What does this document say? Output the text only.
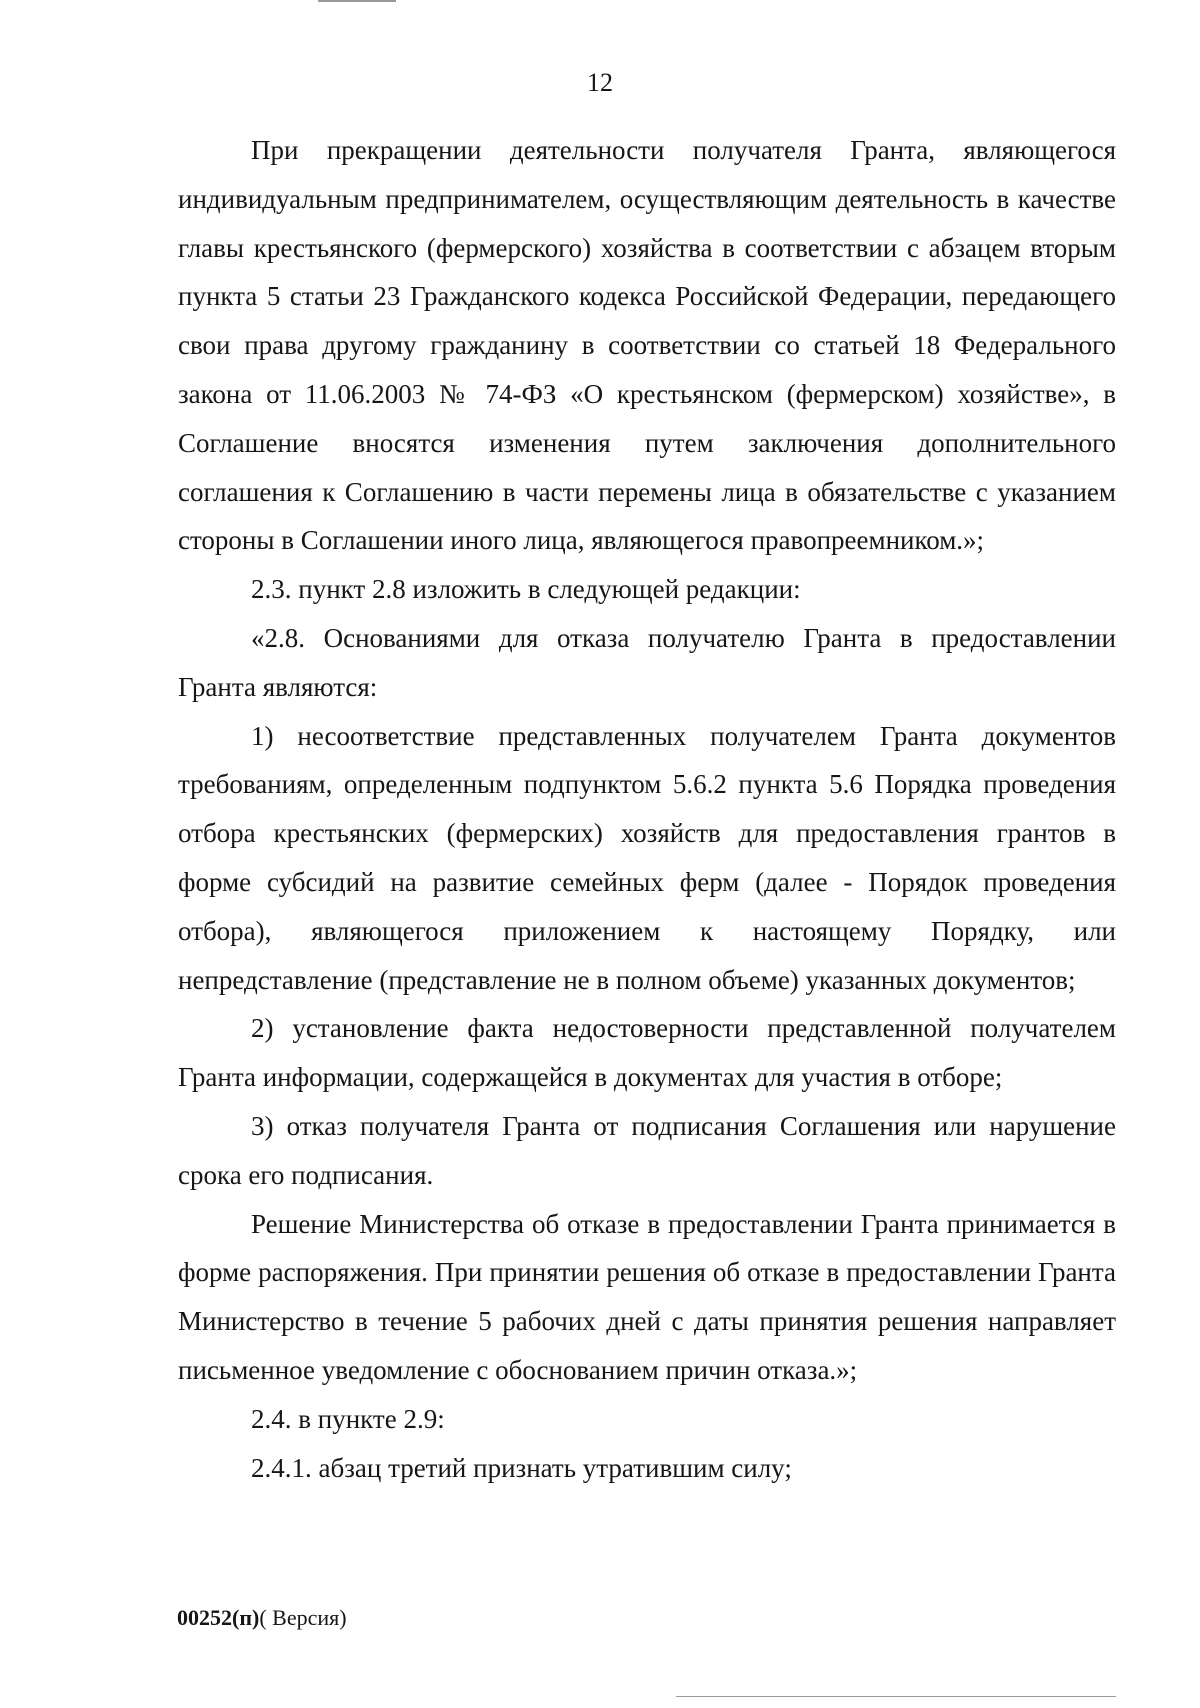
12

При прекращении деятельности получателя Гранта, являющегося индивидуальным предпринимателем, осуществляющим деятельность в качестве главы крестьянского (фермерского) хозяйства в соответствии с абзацем вторым пункта 5 статьи 23 Гражданского кодекса Российской Федерации, передающего свои права другому гражданину в соответствии со статьей 18 Федерального закона от 11.06.2003 № 74-ФЗ «О крестьянском (фермерском) хозяйстве», в Соглашение вносятся изменения путем заключения дополнительного соглашения к Соглашению в части перемены лица в обязательстве с указанием стороны в Соглашении иного лица, являющегося правопреемником.»;

2.3. пункт 2.8 изложить в следующей редакции:

«2.8. Основаниями для отказа получателю Гранта в предоставлении Гранта являются:

1) несоответствие представленных получателем Гранта документов требованиям, определенным подпунктом 5.6.2 пункта 5.6 Порядка проведения отбора крестьянских (фермерских) хозяйств для предоставления грантов в форме субсидий на развитие семейных ферм (далее - Порядок проведения отбора), являющегося приложением к настоящему Порядку, или непредставление (представление не в полном объеме) указанных документов;

2) установление факта недостоверности представленной получателем Гранта информации, содержащейся в документах для участия в отборе;

3) отказ получателя Гранта от подписания Соглашения или нарушение срока его подписания.

Решение Министерства об отказе в предоставлении Гранта принимается в форме распоряжения. При принятии решения об отказе в предоставлении Гранта Министерство в течение 5 рабочих дней с даты принятия решения направляет письменное уведомление с обоснованием причин отказа.»;

2.4. в пункте 2.9:

2.4.1. абзац третий признать утратившим силу;

00252(п)( Версия)
